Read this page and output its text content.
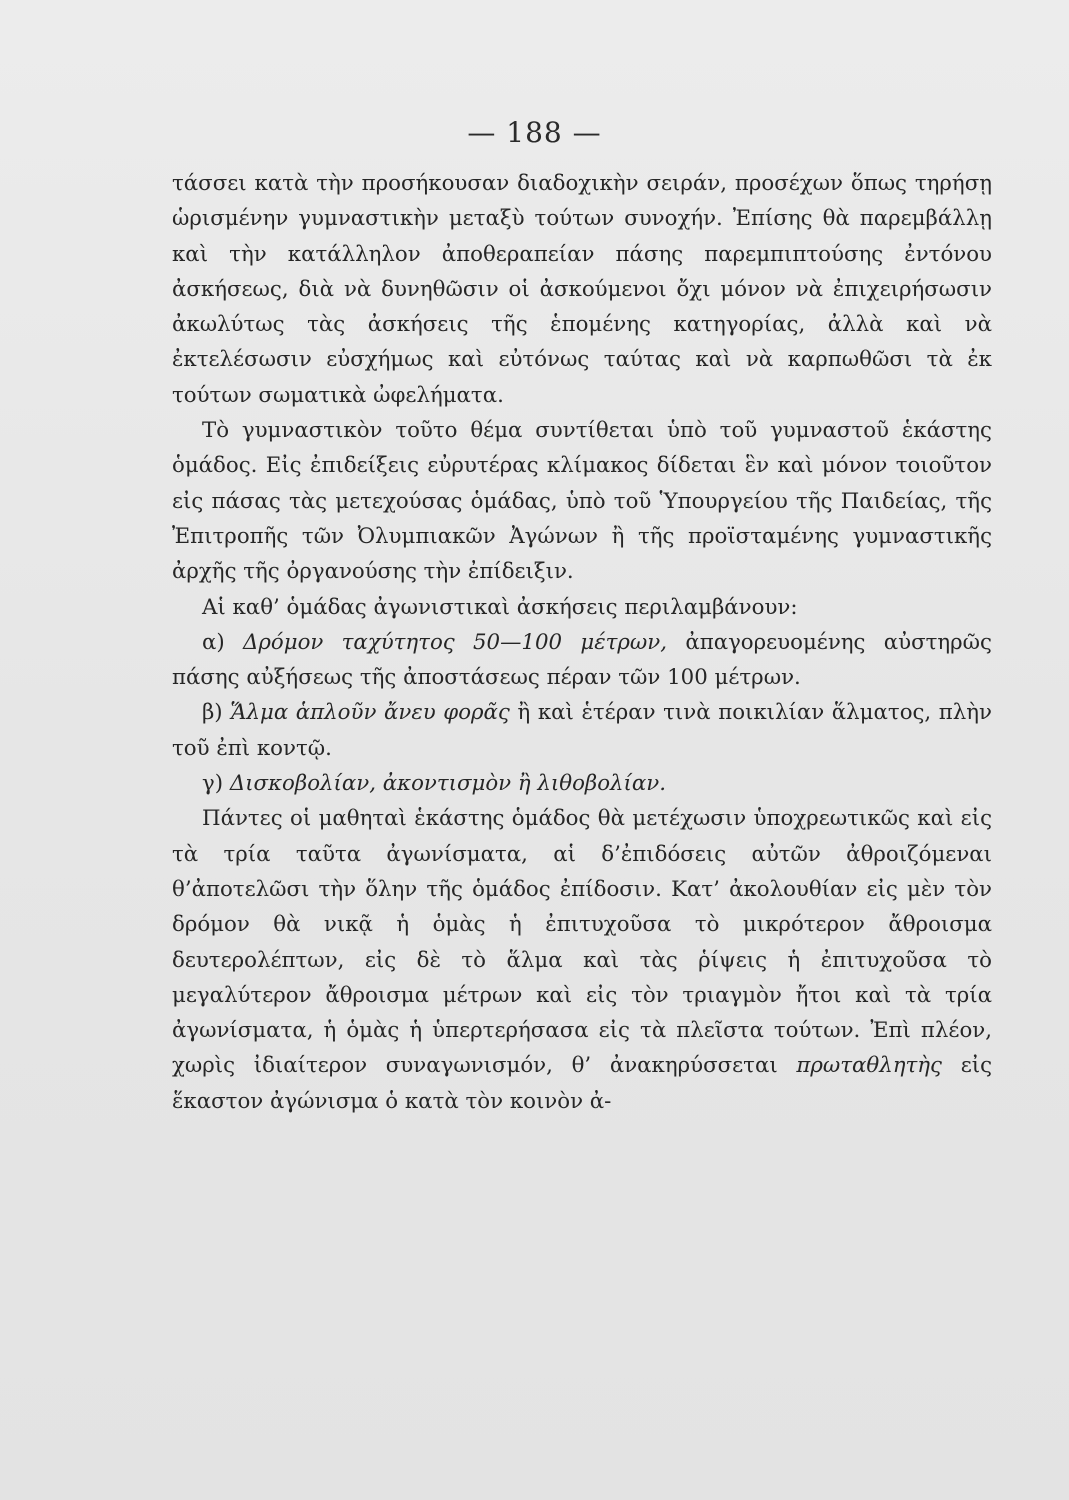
— 188 —

τάσσει κατὰ τὴν προσήκουσαν διαδοχικὴν σειράν, προσέχων ὅπως τηρήσῃ ὡρισμένην γυμναστικὴν μεταξὺ τούτων συνοχήν. Ἐπίσης θὰ παρεμβάλλῃ καὶ τὴν κατάλληλον ἀποθεραπείαν πάσης παρεμπιπτούσης ἐντόνου ἀσκήσεως, διὰ νὰ δυνηθῶσιν οἱ ἀσκούμενοι ὄχι μόνον νὰ ἐπιχειρήσωσιν ἀκωλύτως τὰς ἀσκήσεις τῆς ἑπομένης κατηγορίας, ἀλλὰ καὶ νὰ ἐκτελέσωσιν εὐσχήμως καὶ εὐτόνως ταύτας καὶ νὰ καρπωθῶσι τὰ ἐκ τούτων σωματικὰ ὠφελήματα.

Τὸ γυμναστικὸν τοῦτο θέμα συντίθεται ὑπὸ τοῦ γυμναστοῦ ἑκάστης ὁμάδος. Εἰς ἐπιδείξεις εὐρυτέρας κλίμακος δίδεται ἓν καὶ μόνον τοιοῦτον εἰς πάσας τὰς μετεχούσας ὁμάδας, ὑπὸ τοῦ Ὑπουργείου τῆς Παιδείας, τῆς Ἐπιτροπῆς τῶν Ὀλυμπιακῶν Ἀγώνων ἢ τῆς προϊσταμένης γυμναστικῆς ἀρχῆς τῆς ὀργανούσης τὴν ἐπίδειξιν.

Αἱ καθ’ ὁμάδας ἀγωνιστικαὶ ἀσκήσεις περιλαμβάνουν:

α) Δρόμον ταχύτητος 50—100 μέτρων, ἀπαγορευομένης αὐστηρῶς πάσης αὐξήσεως τῆς ἀποστάσεως πέραν τῶν 100 μέτρων.

β) Ἅλμα ἁπλοῦν ἄνευ φορᾶς ἢ καὶ ἑτέραν τινὰ ποικιλίαν ἅλματος, πλὴν τοῦ ἐπὶ κοντῷ.

γ) Δισκοβολίαν, ἀκοντισμὸν ἢ λιθοβολίαν.

Πάντες οἱ μαθηταὶ ἑκάστης ὁμάδος θὰ μετέχωσιν ὑποχρεωτικῶς καὶ εἰς τὰ τρία ταῦτα ἀγωνίσματα, αἱ δ’ἐπιδόσεις αὐτῶν ἀθροιζόμεναι θ’ἀποτελῶσι τὴν ὅλην τῆς ὁμάδος ἐπίδοσιν. Κατ’ ἀκολουθίαν εἰς μὲν τὸν δρόμον θὰ νικᾷ ἡ ὁμὰς ἡ ἐπιτυχοῦσα τὸ μικρότερον ἄθροισμα δευτερολέπτων, εἰς δὲ τὸ ἅλμα καὶ τὰς ῥίψεις ἡ ἐπιτυχοῦσα τὸ μεγαλύτερον ἄθροισμα μέτρων καὶ εἰς τὸν τριαγμὸν ἤτοι καὶ τὰ τρία ἀγωνίσματα, ἡ ὁμὰς ἡ ὑπερτερήσασα εἰς τὰ πλεῖστα τούτων. Ἐπὶ πλέον, χωρὶς ἰδιαίτερον συναγωνισμόν, θ’ ἀνακηρύσσεται πρωταθλητὴς εἰς ἕκαστον ἀγώνισμα ὁ κατὰ τὸν κοινὸν ἀ-
